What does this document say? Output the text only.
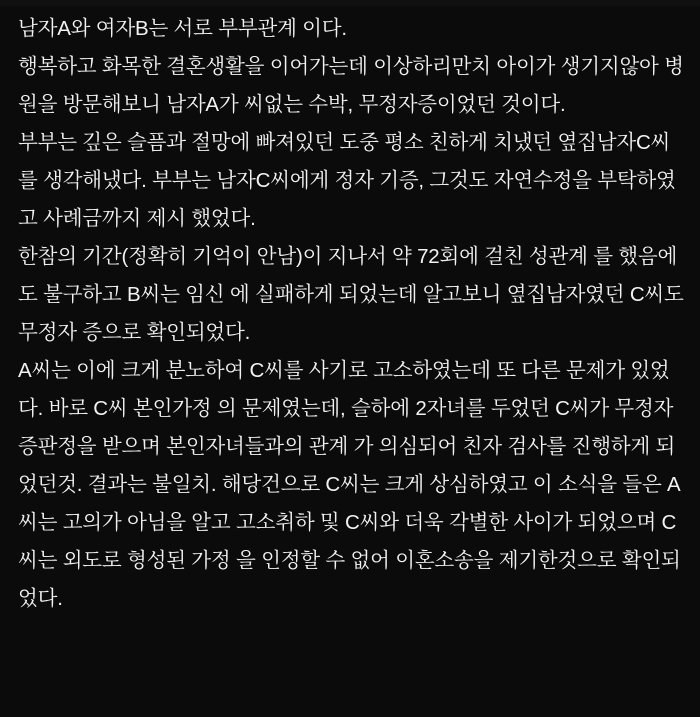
남자A와 여자B는 서로 부부관계 이다.

행복하고 화목한 결혼생활을 이어가는데 이상하리만치 아이가 생기지않아 병원을 방문해보니 남자A가 씨없는 수박, 무정자증이었던 것이다.

부부는 깊은 슬픔과 절망에 빠져있던 도중 평소 친하게 치냈던 옆집남자C씨를 생각해냈다. 부부는 남자C씨에게 정자 기증, 그것도 자연수정을 부탁하였고 사례금까지 제시 했었다.

한참의 기간(정확히 기억이 안남)이 지나서 약 72회에 걸친 성관계 를 했음에도 불구하고 B씨는 임신 에 실패하게 되었는데 알고보니 옆집남자였던 C씨도 무정자 증으로 확인되었다.

A씨는 이에 크게 분노하여 C씨를 사기로 고소하였는데 또 다른 문제가 있었다. 바로 C씨 본인가정 의 문제였는데, 슬하에 2자녀를 두었던 C씨가 무정자 증판정을 받으며 본인자녀들과의 관계 가 의심되어 친자 검사를 진행하게 되었던것. 결과는 불일치. 해당건으로 C씨는 크게 상심하였고 이 소식을 들은 A씨는 고의가 아님을 알고 고소취하 및 C씨와 더욱 각별한 사이가 되었으며 C씨는 외도로 형성된 가정 을 인정할 수 없어 이혼소송을 제기한것으로 확인되었다.
